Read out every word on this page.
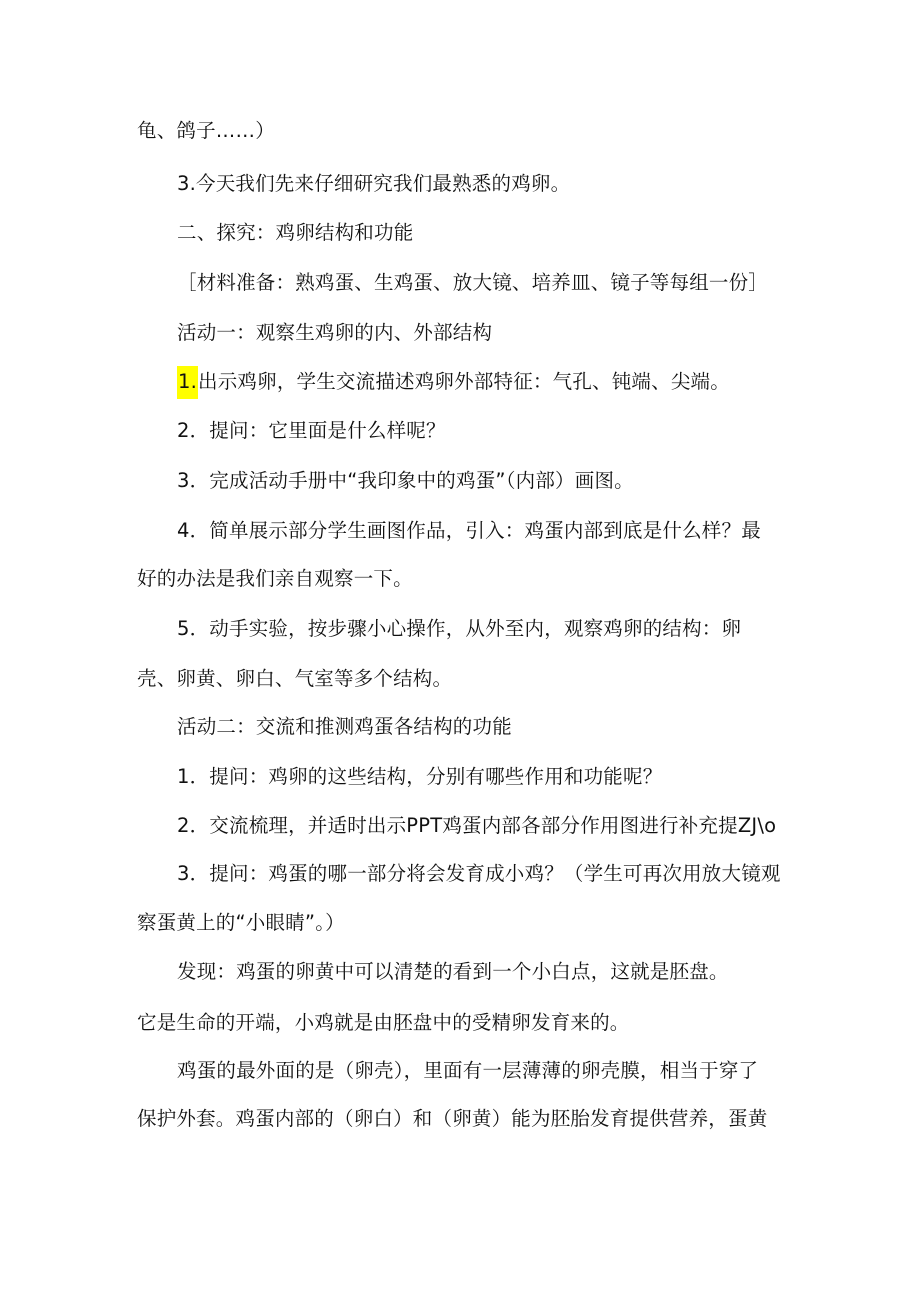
龟、鸽子……）
3.今天我们先来仔细研究我们最熟悉的鸡卵。
二、探究：鸡卵结构和功能
［材料准备：熟鸡蛋、生鸡蛋、放大镜、培养皿、镜子等每组一份］
活动一：观察生鸡卵的内、外部结构
1.出示鸡卵，学生交流描述鸡卵外部特征：气孔、钝端、尖端。
2．提问：它里面是什么样呢？
3．完成活动手册中“我印象中的鸡蛋”（内部）画图。
4．简单展示部分学生画图作品，引入：鸡蛋内部到底是什么样？最
好的办法是我们亲自观察一下。
5．动手实验，按步骤小心操作，从外至内，观察鸡卵的结构：卵
壳、卵黄、卵白、气室等多个结构。
活动二：交流和推测鸡蛋各结构的功能
1．提问：鸡卵的这些结构，分别有哪些作用和功能呢？
2．交流梳理，并适时出示PPT鸡蛋内部各部分作用图进行补充提ZJ\o
3．提问：鸡蛋的哪一部分将会发育成小鸡？（学生可再次用放大镜观
察蛋黄上的“小眼睛”。）
发现：鸡蛋的卵黄中可以清楚的看到一个小白点，这就是胚盘。
它是生命的开端，小鸡就是由胚盘中的受精卵发育来的。
鸡蛋的最外面的是（卵壳），里面有一层薄薄的卵壳膜，相当于穿了
保护外套。鸡蛋内部的（卵白）和（卵黄）能为胚胎发育提供营养，蛋黄
